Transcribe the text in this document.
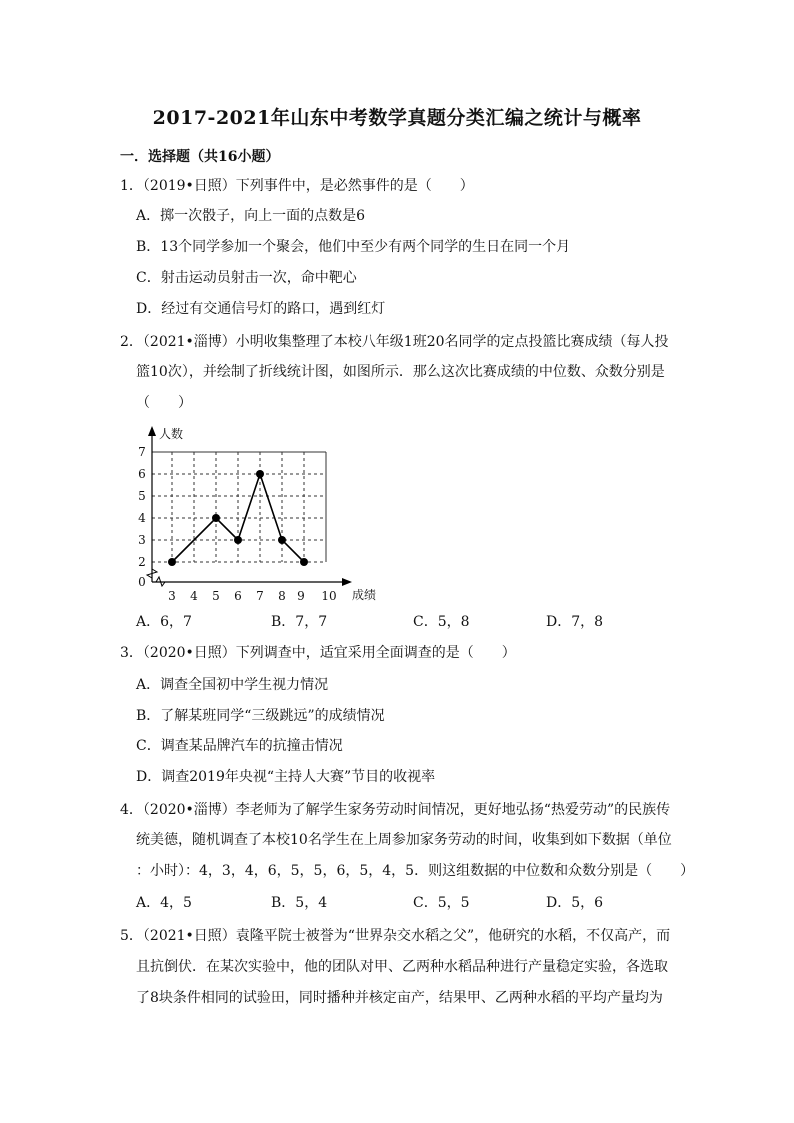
2017-2021年山东中考数学真题分类汇编之统计与概率
一．选择题（共16小题）
1．（2019•日照）下列事件中，是必然事件的是（　　）
A．掷一次骰子，向上一面的点数是6
B．13个同学参加一个聚会，他们中至少有两个同学的生日在同一个月
C．射击运动员射击一次，命中靶心
D．经过有交通信号灯的路口，遇到红灯
2．（2021•淄博）小明收集整理了本校八年级1班20名同学的定点投篮比赛成绩（每人投
篮10次），并绘制了折线统计图，如图所示．那么这次比赛成绩的中位数、众数分别是
（　　）
人数
成绩
0
2
3
4
5
6
7
3 4 5 6 7 8 9 10
A．6，7	B．7，7	C．5，8	D．7，8
3．（2020•日照）下列调查中，适宜采用全面调查的是（　　）
A．调查全国初中学生视力情况
B．了解某班同学“三级跳远”的成绩情况
C．调查某品牌汽车的抗撞击情况
D．调查2019年央视“主持人大赛”节目的收视率
4．（2020•淄博）李老师为了解学生家务劳动时间情况，更好地弘扬“热爱劳动”的民族传
统美德，随机调查了本校10名学生在上周参加家务劳动的时间，收集到如下数据（单位
：小时）：4，3，4，6，5，5，6，5，4，5．则这组数据的中位数和众数分别是（　　）
A．4，5	B．5，4	C．5，5	D．5，6
5．（2021•日照）袁隆平院士被誉为“世界杂交水稻之父”，他研究的水稻，不仅高产，而
且抗倒伏．在某次实验中，他的团队对甲、乙两种水稻品种进行产量稳定实验，各选取
了8块条件相同的试验田，同时播种并核定亩产，结果甲、乙两种水稻的平均产量均为
